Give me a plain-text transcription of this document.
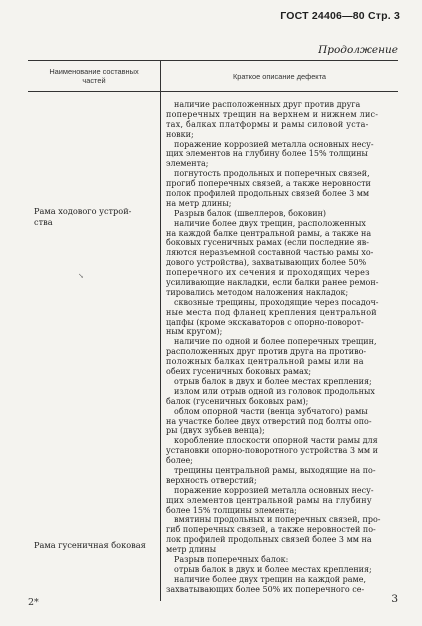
ГОСТ 24406—80 Стр. 3
Продолжение
Наименование составных
частей	Краткое описание дефекта
Рама ходового устрой-
ства
↘
Рама гусеничная боковая
наличие расположенных друг против друга
поперечных трещин на верхнем и нижнем лис-
тах, балках платформы и рамы силовой уста-
новки;
поражение коррозией металла основных несу-
щих элементов на глубину более 15% толщины
элемента;
погнутость продольных и поперечных связей,
прогиб поперечных связей, а также неровности
полок профилей продольных связей более 3 мм
на метр длины;
Разрыв балок (швеллеров, боковин)
наличие более двух трещин, расположенных
на каждой балке центральной рамы, а также на
боковых гусеничных рамах (если последние яв-
ляются неразъемной составной частью рамы хо-
дового устройства), захватывающих более 50%
поперечного их сечения и проходящих через
усиливающие накладки, если балки ранее ремон-
тировались методом наложения накладок;
сквозные трещины, проходящие через посадоч-
ные места под фланец крепления центральной
цапфы (кроме экскаваторов с опорно-поворот-
ным кругом);
наличие по одной и более поперечных трещин,
расположенных друг против друга на противо-
положных балках центральной рамы или на
обеих гусеничных боковых рамах;
отрыв балок в двух и более местах крепления;
излом или отрыв одной из головок продольных
балок (гусеничных боковых рам);
облом опорной части (венца зубчатого) рамы
на участке более двух отверстий под болты опо-
ры (двух зубьев венца);
коробление плоскости опорной части рамы для
установки опорно-поворотного устройства 3 мм и
более;
трещины центральной рамы, выходящие на по-
верхность отверстий;
поражение коррозией металла основных несу-
щих элементов центральной рамы на глубину
более 15% толщины элемента;
вмятины продольных и поперечных связей, про-
гиб поперечных связей, а также неровностей по-
лок профилей продольных связей более 3 мм на
метр длины
Разрыв поперечных балок:
отрыв балок в двух и более местах крепления;
наличие более двух трещин на каждой раме,
захватывающих более 50% их поперечного се-
2*	3
